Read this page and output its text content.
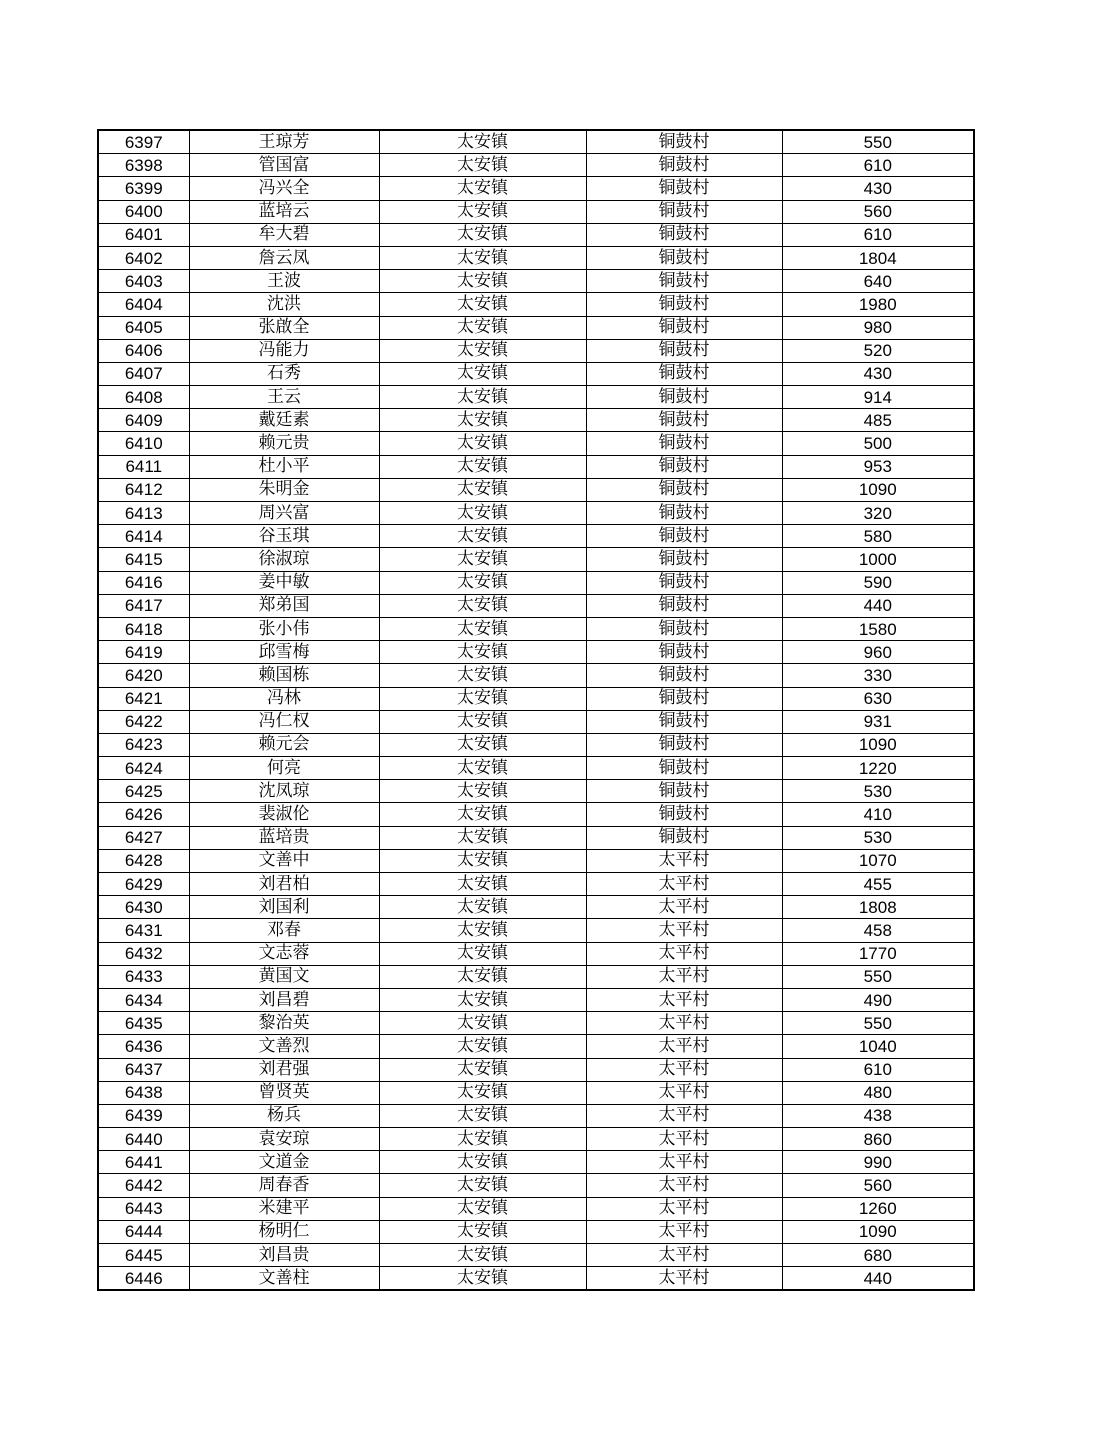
6397	王琼芳	太安镇	铜鼓村	550
6398	管国富	太安镇	铜鼓村	610
6399	冯兴全	太安镇	铜鼓村	430
6400	蓝培云	太安镇	铜鼓村	560
6401	牟大碧	太安镇	铜鼓村	610
6402	詹云凤	太安镇	铜鼓村	1804
6403	王波	太安镇	铜鼓村	640
6404	沈洪	太安镇	铜鼓村	1980
6405	张啟全	太安镇	铜鼓村	980
6406	冯能力	太安镇	铜鼓村	520
6407	石秀	太安镇	铜鼓村	430
6408	王云	太安镇	铜鼓村	914
6409	戴廷素	太安镇	铜鼓村	485
6410	赖元贵	太安镇	铜鼓村	500
6411	杜小平	太安镇	铜鼓村	953
6412	朱明金	太安镇	铜鼓村	1090
6413	周兴富	太安镇	铜鼓村	320
6414	谷玉琪	太安镇	铜鼓村	580
6415	徐淑琼	太安镇	铜鼓村	1000
6416	姜中敏	太安镇	铜鼓村	590
6417	郑弟国	太安镇	铜鼓村	440
6418	张小伟	太安镇	铜鼓村	1580
6419	邱雪梅	太安镇	铜鼓村	960
6420	赖国栋	太安镇	铜鼓村	330
6421	冯林	太安镇	铜鼓村	630
6422	冯仁权	太安镇	铜鼓村	931
6423	赖元会	太安镇	铜鼓村	1090
6424	何亮	太安镇	铜鼓村	1220
6425	沈凤琼	太安镇	铜鼓村	530
6426	裴淑伦	太安镇	铜鼓村	410
6427	蓝培贵	太安镇	铜鼓村	530
6428	文善中	太安镇	太平村	1070
6429	刘君柏	太安镇	太平村	455
6430	刘国利	太安镇	太平村	1808
6431	邓春	太安镇	太平村	458
6432	文志蓉	太安镇	太平村	1770
6433	黄国文	太安镇	太平村	550
6434	刘昌碧	太安镇	太平村	490
6435	黎治英	太安镇	太平村	550
6436	文善烈	太安镇	太平村	1040
6437	刘君强	太安镇	太平村	610
6438	曾贤英	太安镇	太平村	480
6439	杨兵	太安镇	太平村	438
6440	袁安琼	太安镇	太平村	860
6441	文道金	太安镇	太平村	990
6442	周春香	太安镇	太平村	560
6443	米建平	太安镇	太平村	1260
6444	杨明仁	太安镇	太平村	1090
6445	刘昌贵	太安镇	太平村	680
6446	文善柱	太安镇	太平村	440
